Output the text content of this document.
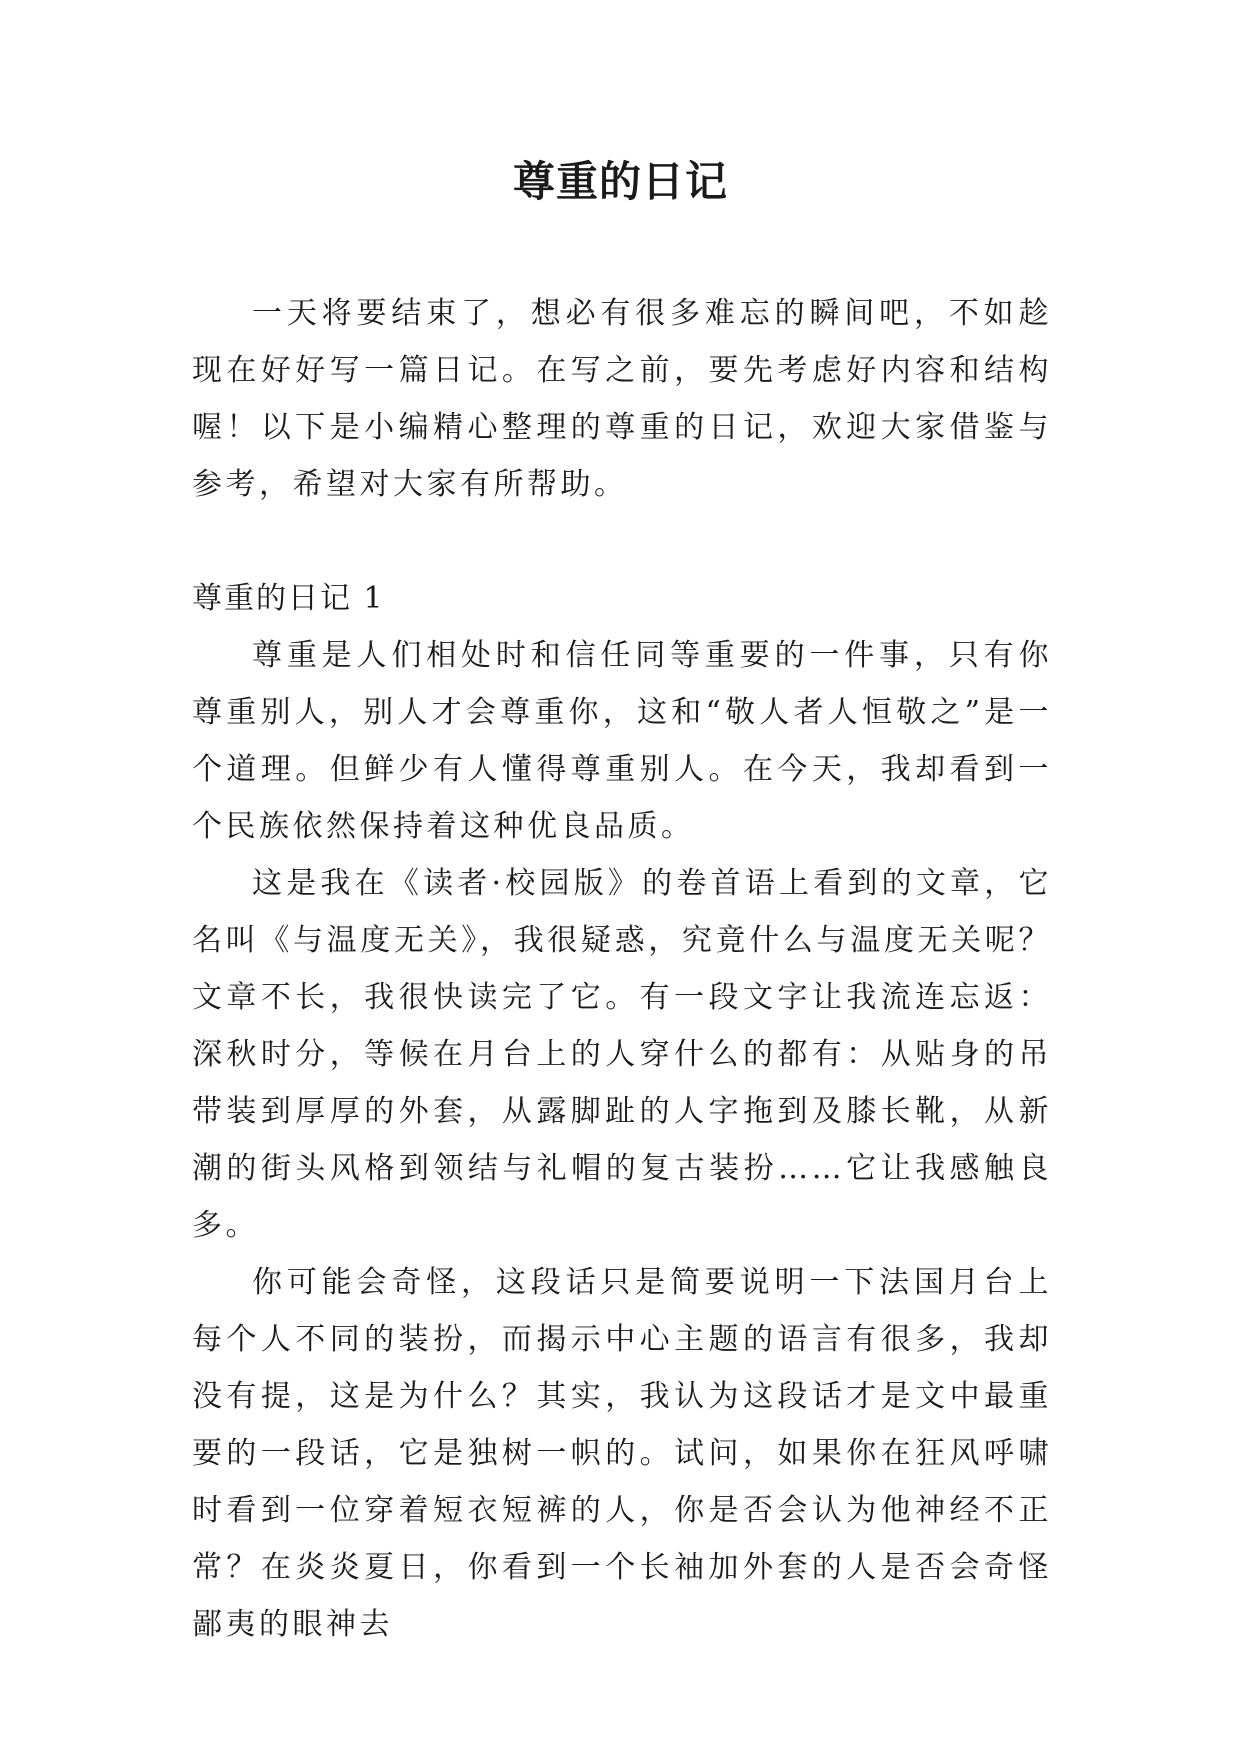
尊重的日记

一天将要结束了，想必有很多难忘的瞬间吧，不如趁现在好好写一篇日记。在写之前，要先考虑好内容和结构喔！以下是小编精心整理的尊重的日记，欢迎大家借鉴与参考，希望对大家有所帮助。

尊重的日记 1

尊重是人们相处时和信任同等重要的一件事，只有你尊重别人，别人才会尊重你，这和“敬人者人恒敬之”是一个道理。但鲜少有人懂得尊重别人。在今天，我却看到一个民族依然保持着这种优良品质。

这是我在《读者·校园版》的卷首语上看到的文章，它名叫《与温度无关》，我很疑惑，究竟什么与温度无关呢？文章不长，我很快读完了它。有一段文字让我流连忘返：深秋时分，等候在月台上的人穿什么的都有：从贴身的吊带装到厚厚的外套，从露脚趾的人字拖到及膝长靴，从新潮的街头风格到领结与礼帽的复古装扮……它让我感触良多。

你可能会奇怪，这段话只是简要说明一下法国月台上每个人不同的装扮，而揭示中心主题的语言有很多，我却没有提，这是为什么？其实，我认为这段话才是文中最重要的一段话，它是独树一帜的。试问，如果你在狂风呼啸时看到一位穿着短衣短裤的人，你是否会认为他神经不正常？在炎炎夏日，你看到一个长袖加外套的人是否会奇怪鄙夷的眼神去
